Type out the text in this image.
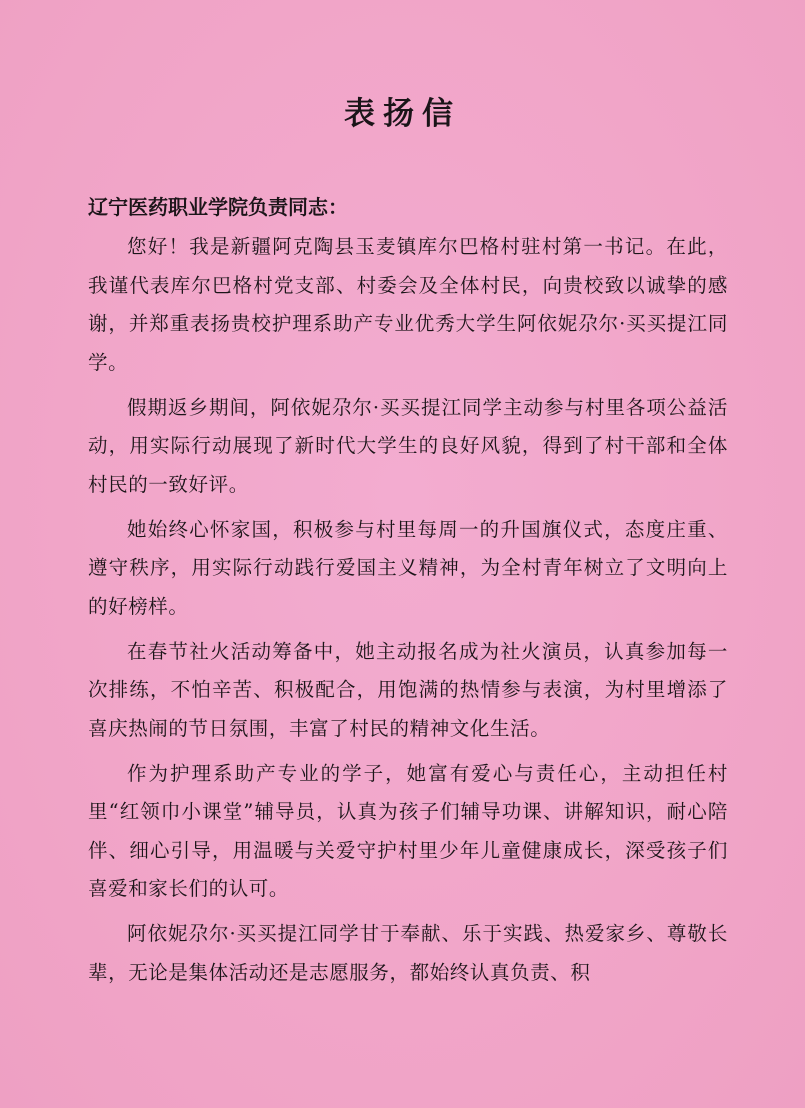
表扬信

辽宁医药职业学院负责同志：

您好！我是新疆阿克陶县玉麦镇库尔巴格村驻村第一书记。在此，我谨代表库尔巴格村党支部、村委会及全体村民，向贵校致以诚挚的感谢，并郑重表扬贵校护理系助产专业优秀大学生阿依妮尕尔·买买提江同学。

假期返乡期间，阿依妮尕尔·买买提江同学主动参与村里各项公益活动，用实际行动展现了新时代大学生的良好风貌，得到了村干部和全体村民的一致好评。

她始终心怀家国，积极参与村里每周一的升国旗仪式，态度庄重、遵守秩序，用实际行动践行爱国主义精神，为全村青年树立了文明向上的好榜样。

在春节社火活动筹备中，她主动报名成为社火演员，认真参加每一次排练，不怕辛苦、积极配合，用饱满的热情参与表演，为村里增添了喜庆热闹的节日氛围，丰富了村民的精神文化生活。

作为护理系助产专业的学子，她富有爱心与责任心，主动担任村里“红领巾小课堂”辅导员，认真为孩子们辅导功课、讲解知识，耐心陪伴、细心引导，用温暖与关爱守护村里少年儿童健康成长，深受孩子们喜爱和家长们的认可。

阿依妮尕尔·买买提江同学甘于奉献、乐于实践、热爱家乡、尊敬长辈，无论是集体活动还是志愿服务，都始终认真负责、积
